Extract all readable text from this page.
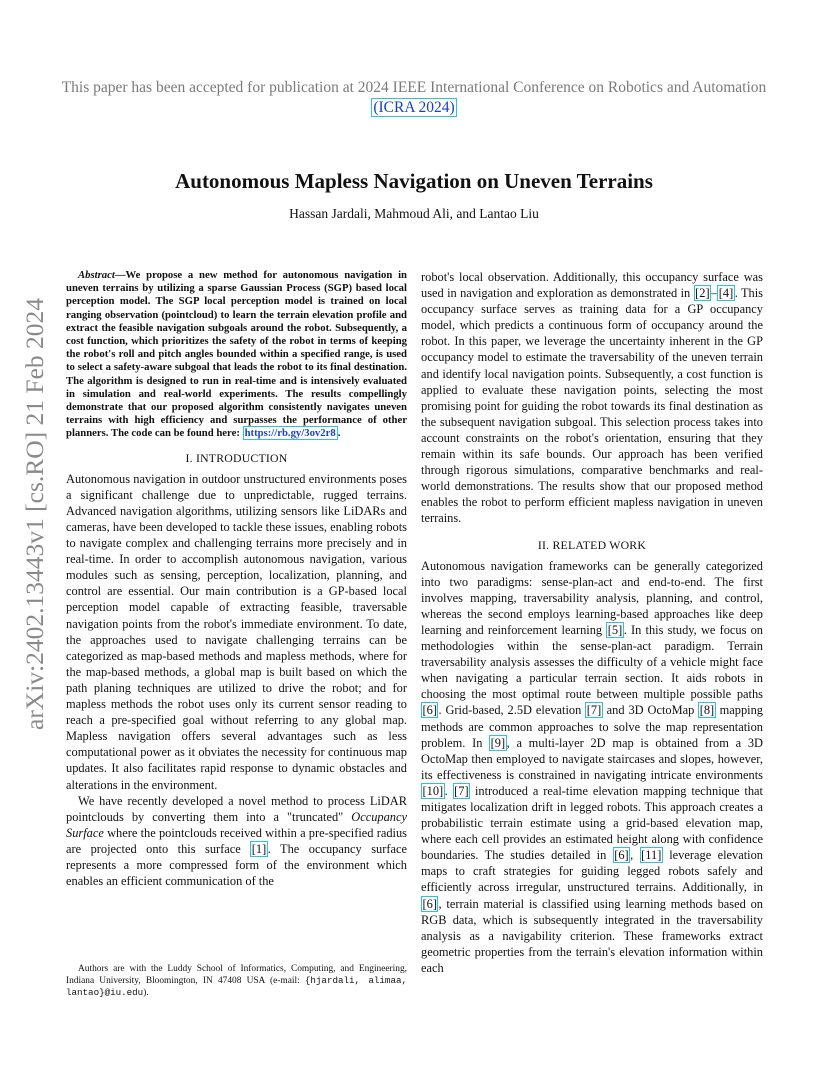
This paper has been accepted for publication at 2024 IEEE International Conference on Robotics and Automation (ICRA 2024)
Autonomous Mapless Navigation on Uneven Terrains
Hassan Jardali, Mahmoud Ali, and Lantao Liu
arXiv:2402.13443v1 [cs.RO] 21 Feb 2024

Abstract—We propose a new method for autonomous navigation in uneven terrains by utilizing a sparse Gaussian Process (SGP) based local perception model. The SGP local perception model is trained on local ranging observation (pointcloud) to learn the terrain elevation profile and extract the feasible navigation subgoals around the robot. Subsequently, a cost function, which prioritizes the safety of the robot in terms of keeping the robot's roll and pitch angles bounded within a specified range, is used to select a safety-aware subgoal that leads the robot to its final destination. The algorithm is designed to run in real-time and is intensively evaluated in simulation and real-world experiments. The results compellingly demonstrate that our proposed algorithm consistently navigates uneven terrains with high efficiency and surpasses the performance of other planners. The code can be found here: https://rb.gy/3ov2r8 .

I. INTRODUCTION

Autonomous navigation in outdoor unstructured environments poses a significant challenge due to unpredictable, rugged terrains. Advanced navigation algorithms, utilizing sensors like LiDARs and cameras, have been developed to tackle these issues, enabling robots to navigate complex and challenging terrains more precisely and in real-time. In order to accomplish autonomous navigation, various modules such as sensing, perception, localization, planning, and control are essential. Our main contribution is a GP-based local perception model capable of extracting feasible, traversable navigation points from the robot's immediate environment. To date, the approaches used to navigate challenging terrains can be categorized as map-based methods and mapless methods, where for the map-based methods, a global map is built based on which the path planing techniques are utilized to drive the robot; and for mapless methods the robot uses only its current sensor reading to reach a pre-specified goal without referring to any global map. Mapless navigation offers several advantages such as less computational power as it obviates the necessity for continuous map updates. It also facilitates rapid response to dynamic obstacles and alterations in the environment.

We have recently developed a novel method to process LiDAR pointclouds by converting them into a "truncated" Occupancy Surface where the pointclouds received within a pre-specified radius are projected onto this surface [1] . The occupancy surface represents a more compressed form of the environment which enables an efficient communication of the

Authors are with the Luddy School of Informatics, Computing, and Engineering, Indiana University, Bloomington, IN 47408 USA (e-mail: {hjardali, alimaa, lantao}@iu.edu).

robot's local observation. Additionally, this occupancy surface was used in navigation and exploration as demonstrated in [2] – [4] . This occupancy surface serves as training data for a GP occupancy model, which predicts a continuous form of occupancy around the robot. In this paper, we leverage the uncertainty inherent in the GP occupancy model to estimate the traversability of the uneven terrain and identify local navigation points. Subsequently, a cost function is applied to evaluate these navigation points, selecting the most promising point for guiding the robot towards its final destination as the subsequent navigation subgoal. This selection process takes into account constraints on the robot's orientation, ensuring that they remain within its safe bounds. Our approach has been verified through rigorous simulations, comparative benchmarks and real-world demonstrations. The results show that our proposed method enables the robot to perform efficient mapless navigation in uneven terrains.

II. RELATED WORK

Autonomous navigation frameworks can be generally categorized into two paradigms: sense-plan-act and end-to-end. The first involves mapping, traversability analysis, planning, and control, whereas the second employs learning-based approaches like deep learning and reinforcement learning [5] . In this study, we focus on methodologies within the sense-plan-act paradigm. Terrain traversability analysis assesses the difficulty of a vehicle might face when navigating a particular terrain section. It aids robots in choosing the most optimal route between multiple possible paths [6] . Grid-based, 2.5D elevation [7] and 3D OctoMap [8] mapping methods are common approaches to solve the map representation problem. In [9] , a multi-layer 2D map is obtained from a 3D OctoMap then employed to navigate staircases and slopes, however, its effectiveness is constrained in navigating intricate environments [10] . [7] introduced a real-time elevation mapping technique that mitigates localization drift in legged robots. This approach creates a probabilistic terrain estimate using a grid-based elevation map, where each cell provides an estimated height along with confidence boundaries. The studies detailed in [6] , [11] leverage elevation maps to craft strategies for guiding legged robots safely and efficiently across irregular, unstructured terrains. Additionally, in [6] , terrain material is classified using learning methods based on RGB data, which is subsequently integrated in the traversability analysis as a navigability criterion. These frameworks extract geometric properties from the terrain's elevation information within each
